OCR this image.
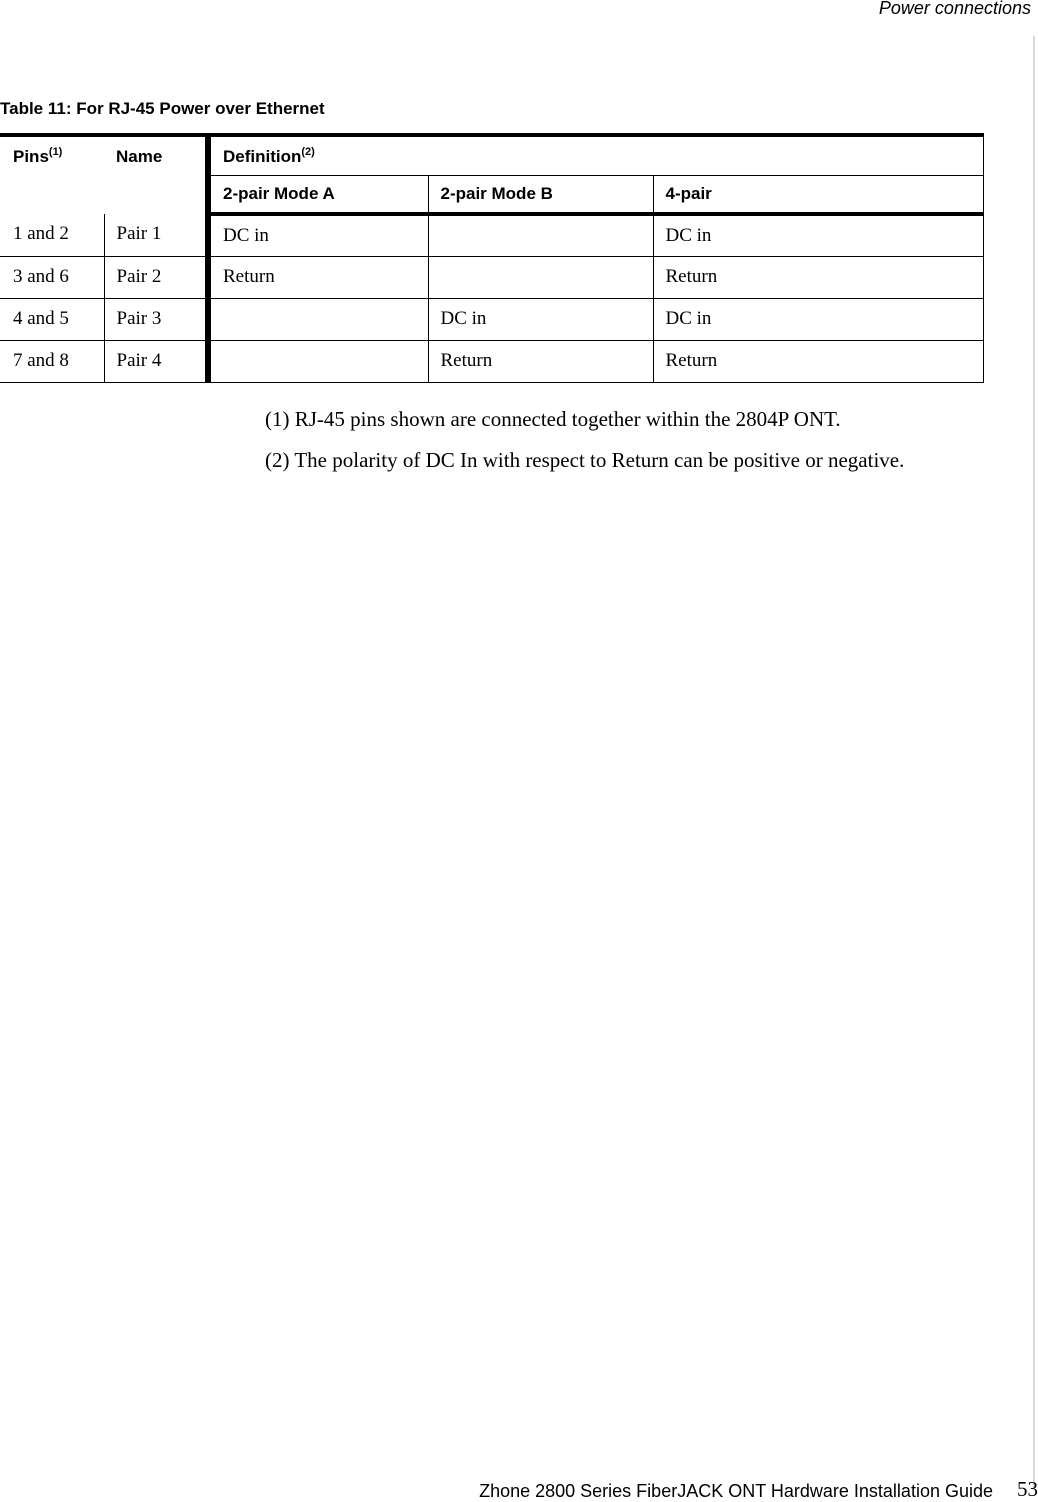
Power connections
Table 11: For RJ-45 Power over Ethernet
Pins$^{(1)}$	Name	Definition$^{(2)}$
		2-pair Mode A	2-pair Mode B	4-pair
1 and 2	Pair 1	DC in		DC in
3 and 6	Pair 2	Return		Return
4 and 5	Pair 3		DC in	DC in
7 and 8	Pair 4		Return	Return

(1) RJ-45 pins shown are connected together within the 2804P ONT.

(2) The polarity of DC In with respect to Return can be positive or negative.

Zhone 2800 Series FiberJACK ONT Hardware Installation Guide 53
